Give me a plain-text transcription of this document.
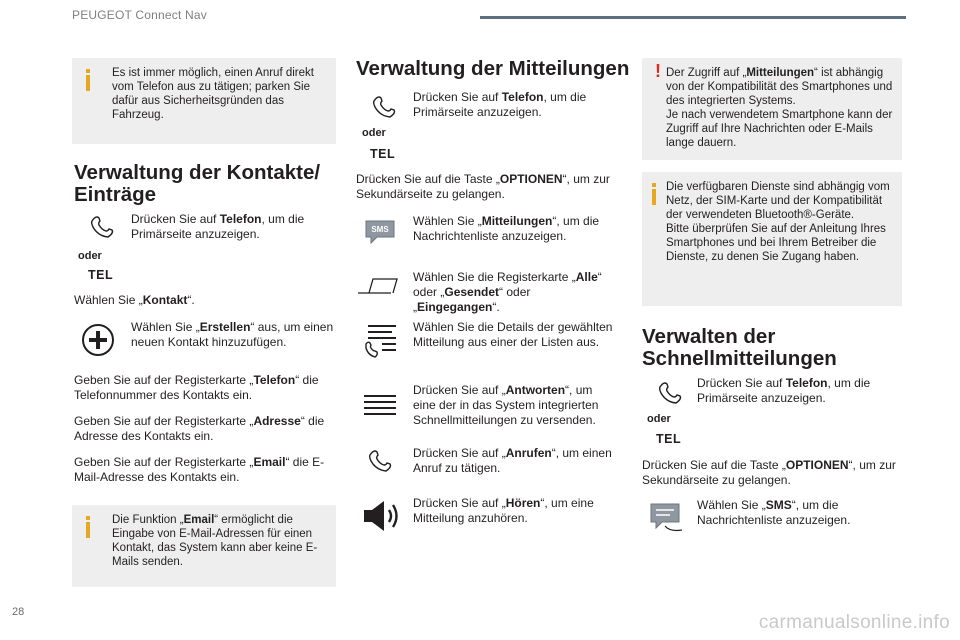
PEUGEOT Connect Nav

Es ist immer möglich, einen Anruf direkt vom Telefon aus zu tätigen; parken Sie dafür aus Sicherheitsgründen das Fahrzeug.

Verwaltung der Kontakte/
Einträge
oder
TEL
Drücken Sie auf Telefon, um die Primärseite anzuzeigen.
Wählen Sie „Kontakt“.
Wählen Sie „Erstellen“ aus, um einen neuen Kontakt hinzuzufügen.
Geben Sie auf der Registerkarte „Telefon“ die Telefonnummer des Kontakts ein.
Geben Sie auf der Registerkarte „Adresse“ die Adresse des Kontakts ein.
Geben Sie auf der Registerkarte „Email“ die E-Mail-Adresse des Kontakts ein.

Die Funktion „Email“ ermöglicht die Eingabe von E-Mail-Adressen für einen Kontakt, das System kann aber keine E-Mails senden.

Verwaltung der Mitteilungen
oder
TEL
Drücken Sie auf Telefon, um die Primärseite anzuzeigen.
Drücken Sie auf die Taste „OPTIONEN“, um zur Sekundärseite zu gelangen.
SMS
Wählen Sie „Mitteilungen“, um die Nachrichtenliste anzuzeigen.
Wählen Sie die Registerkarte „Alle“ oder „Gesendet“ oder „Eingegangen“.
Wählen Sie die Details der gewählten Mitteilung aus einer der Listen aus.
Drücken Sie auf „Antworten“, um eine der in das System integrierten Schnellmitteilungen zu versenden.
Drücken Sie auf „Anrufen“, um einen Anruf zu tätigen.
Drücken Sie auf „Hören“, um eine Mitteilung anzuhören.
! Der Zugriff auf „Mitteilungen“ ist abhängig von der Kompatibilität des Smartphones und des integrierten Systems.

Je nach verwendetem Smartphone kann der Zugriff auf Ihre Nachrichten oder E-Mails lange dauern.

Die verfügbaren Dienste sind abhängig vom Netz, der SIM-Karte und der Kompatibilität der verwendeten Bluetooth®-Geräte.

Bitte überprüfen Sie auf der Anleitung Ihres Smartphones und bei Ihrem Betreiber die Dienste, zu denen Sie Zugang haben.

Verwalten der
Schnellmitteilungen
oder
TEL
Drücken Sie auf Telefon, um die Primärseite anzuzeigen.
Drücken Sie auf die Taste „OPTIONEN“, um zur Sekundärseite zu gelangen.
Wählen Sie „SMS“, um die Nachrichtenliste anzuzeigen.
28	carmanualsonline.info
